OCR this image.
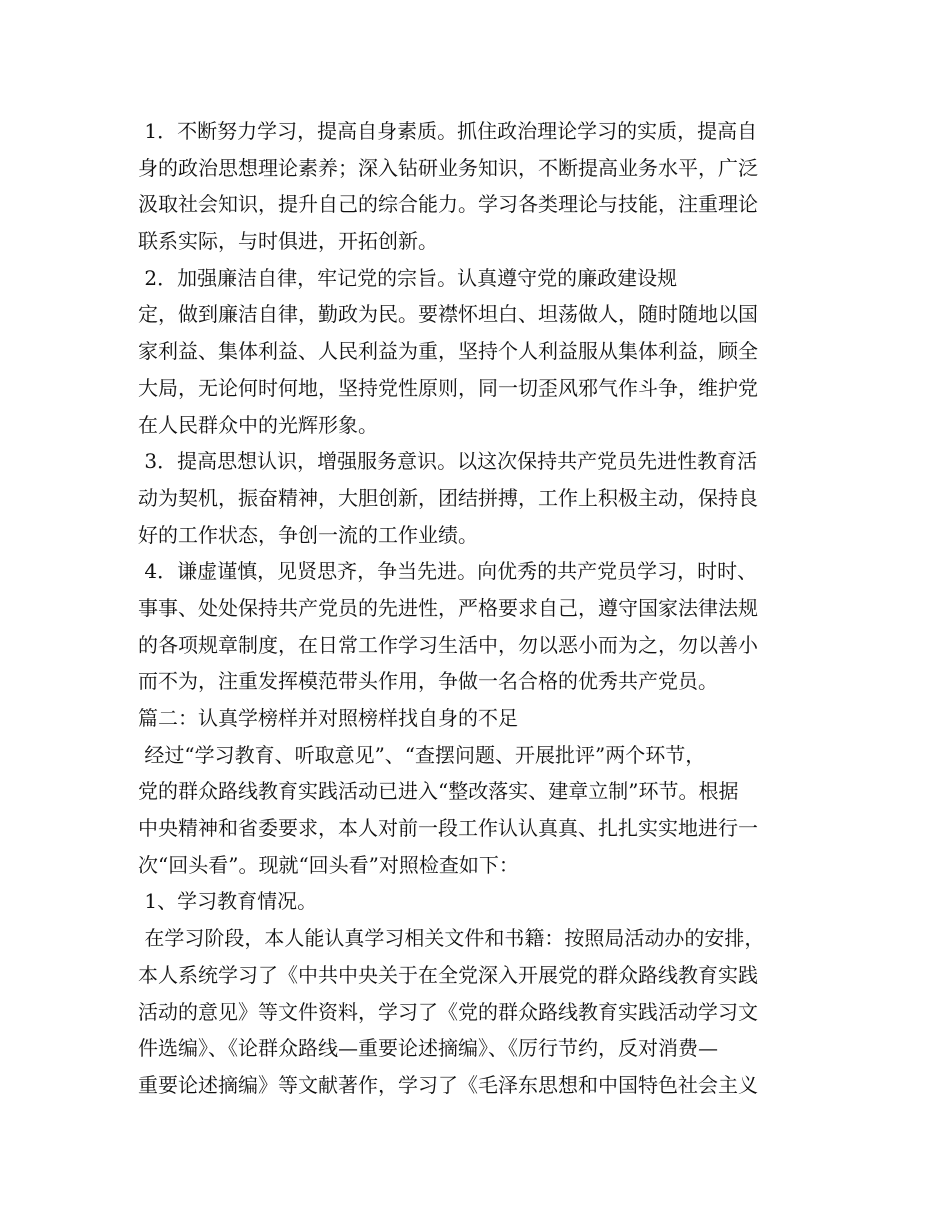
1．不断努力学习，提高自身素质。抓住政治理论学习的实质，提高自
身的政治思想理论素养；深入钻研业务知识，不断提高业务水平，广泛
汲取社会知识，提升自己的综合能力。学习各类理论与技能，注重理论
联系实际，与时俱进，开拓创新。
2．加强廉洁自律，牢记党的宗旨。认真遵守党的廉政建设规
定，做到廉洁自律，勤政为民。要襟怀坦白、坦荡做人，随时随地以国
家利益、集体利益、人民利益为重，坚持个人利益服从集体利益，顾全
大局，无论何时何地，坚持党性原则，同一切歪风邪气作斗争，维护党
在人民群众中的光辉形象。
3．提高思想认识，增强服务意识。以这次保持共产党员先进性教育活
动为契机，振奋精神，大胆创新，团结拼搏，工作上积极主动，保持良
好的工作状态，争创一流的工作业绩。
4．谦虚谨慎，见贤思齐，争当先进。向优秀的共产党员学习，时时、
事事、处处保持共产党员的先进性，严格要求自己，遵守国家法律法规
的各项规章制度，在日常工作学习生活中，勿以恶小而为之，勿以善小
而不为，注重发挥模范带头作用，争做一名合格的优秀共产党员。
篇二：认真学榜样并对照榜样找自身的不足
经过“学习教育、听取意见”、“查摆问题、开展批评”两个环节，
党的群众路线教育实践活动已进入“整改落实、建章立制”环节。根据
中央精神和省委要求，本人对前一段工作认认真真、扎扎实实地进行一
次“回头看”。现就“回头看”对照检查如下：
1、学习教育情况。
在学习阶段，本人能认真学习相关文件和书籍：按照局活动办的安排，
本人系统学习了《中共中央关于在全党深入开展党的群众路线教育实践
活动的意见》等文件资料，学习了《党的群众路线教育实践活动学习文
件选编》、《论群众路线—重要论述摘编》、《厉行节约，反对消费—
重要论述摘编》等文献著作，学习了《毛泽东思想和中国特色社会主义
